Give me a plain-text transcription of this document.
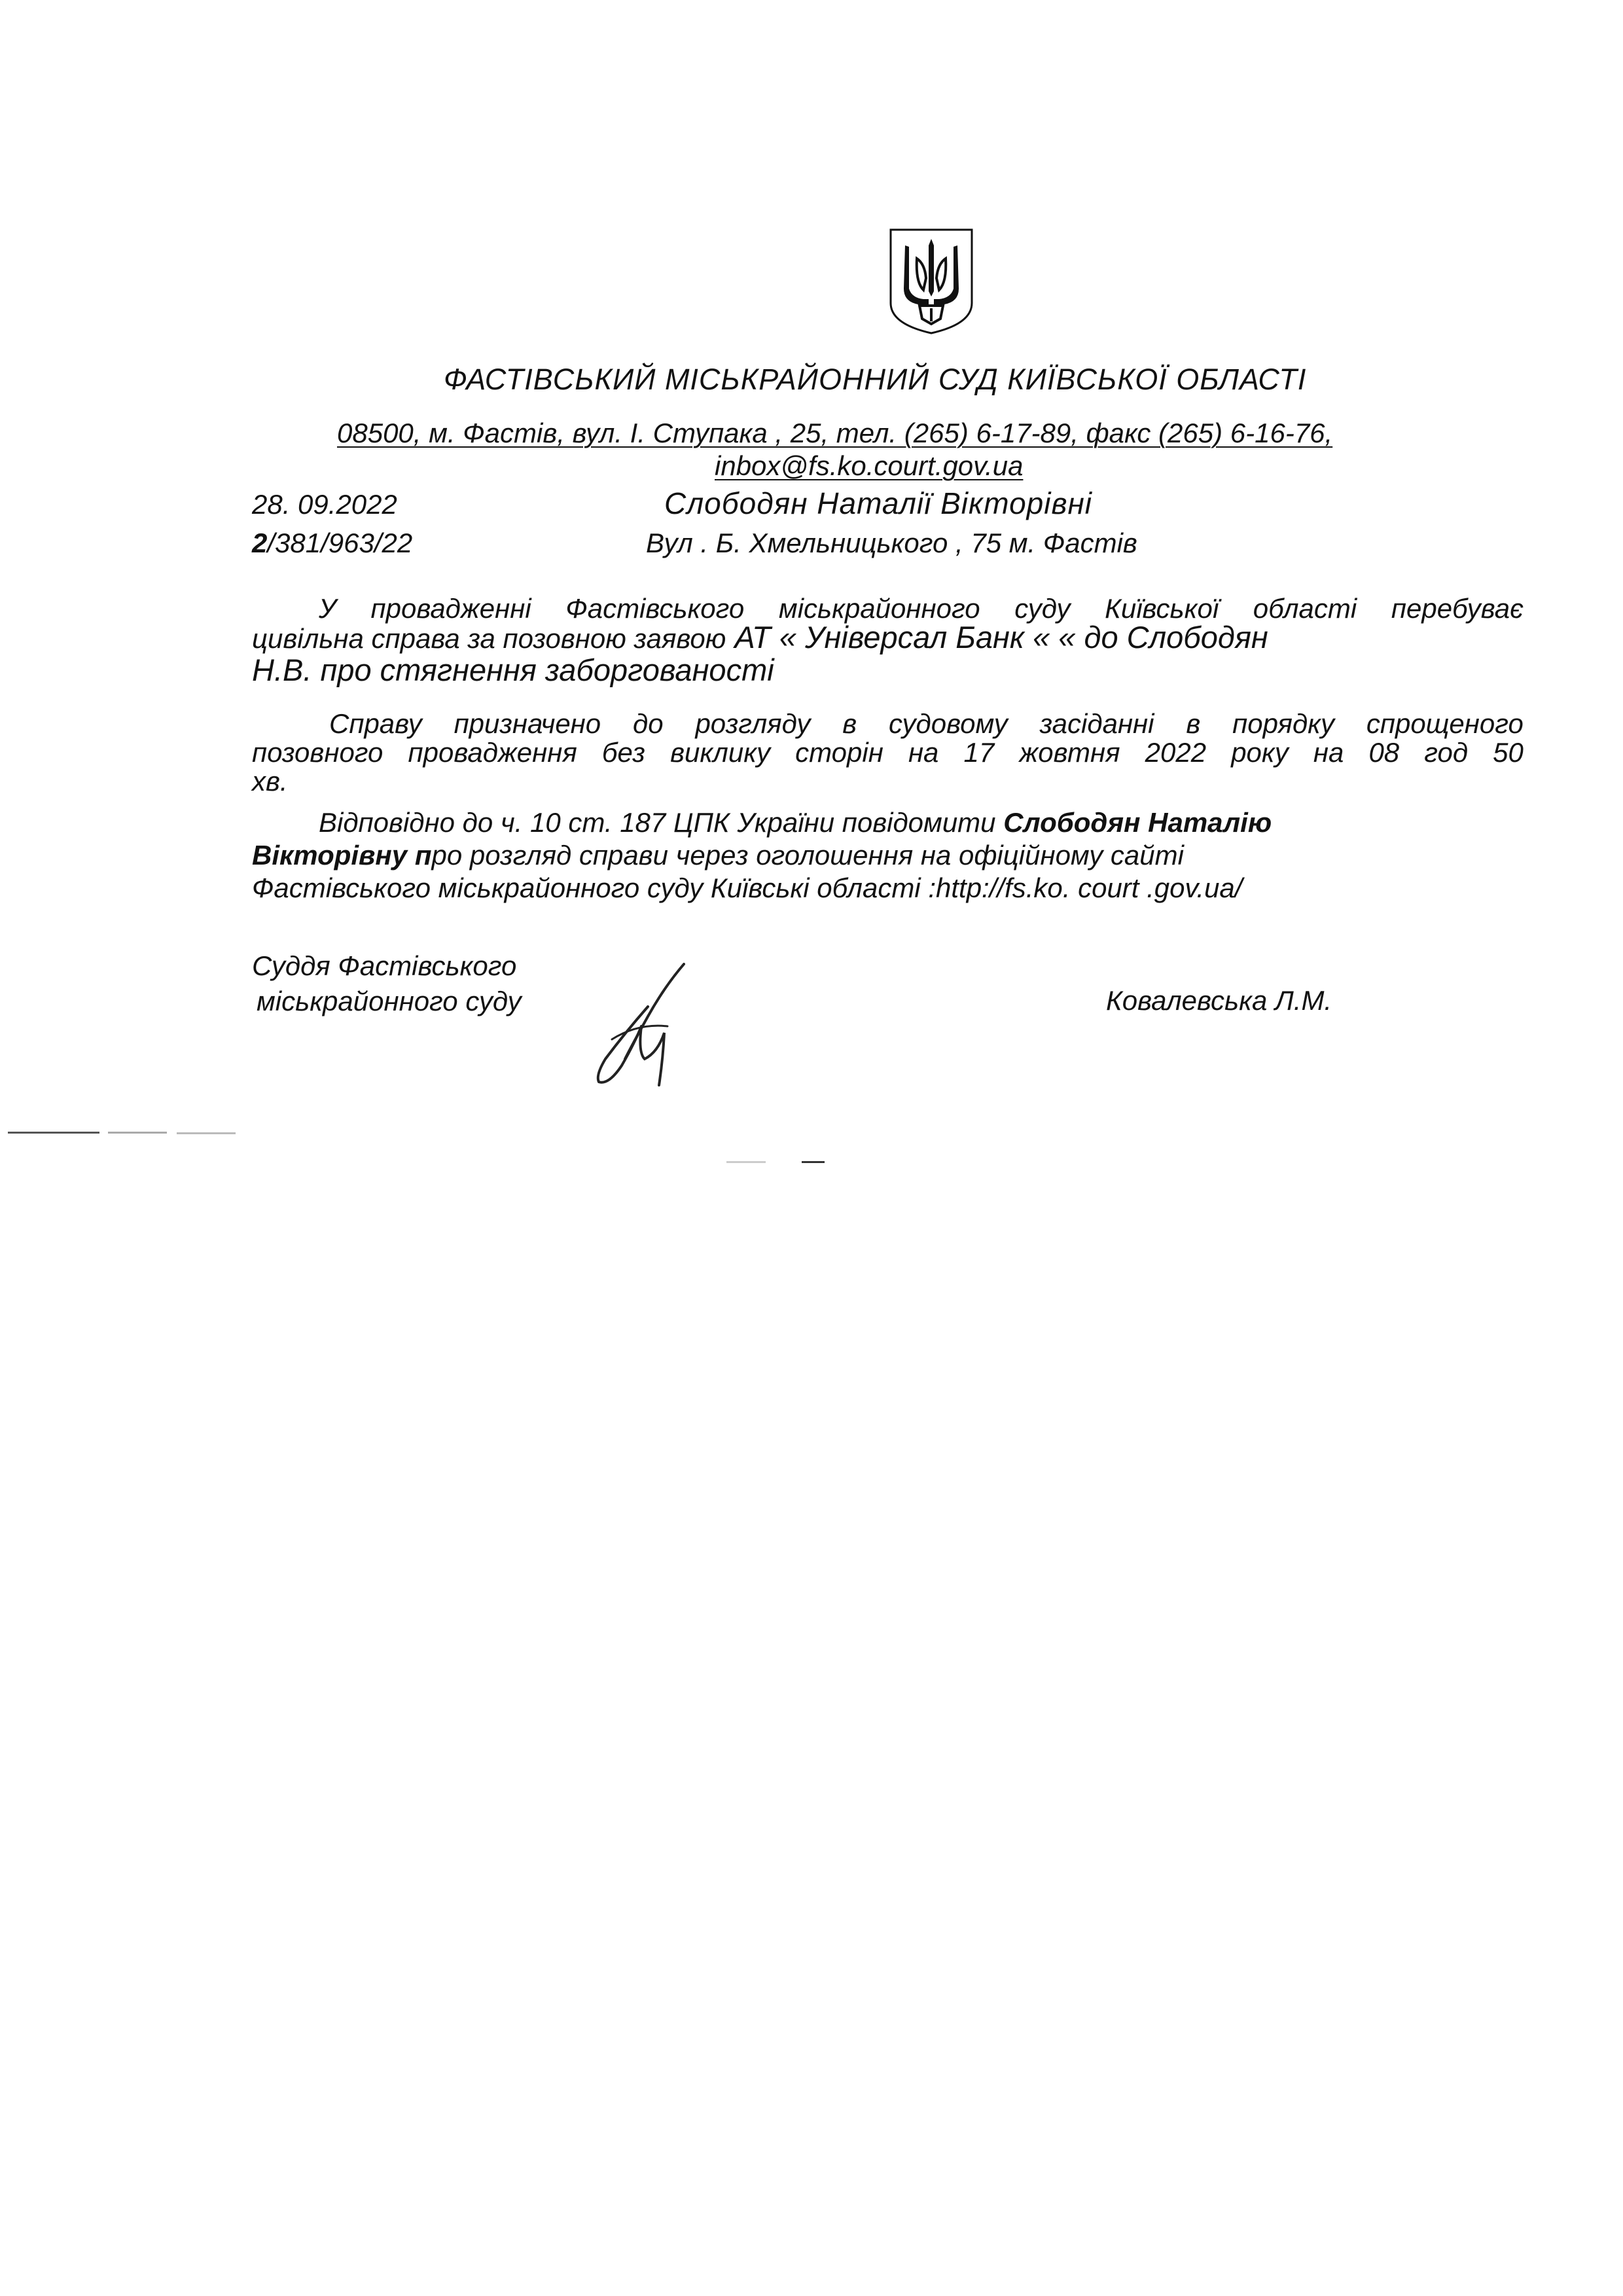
ФАСТІВСЬКИЙ МІСЬКРАЙОННИЙ СУД КИЇВСЬКОЇ ОБЛАСТІ
08500, м. Фастів, вул. І. Ступака , 25, тел. (265) 6-17-89, факс (265) 6-16-76,
inbox@fs.ko.court.gov.ua
28. 09.2022
2/381/963/22
Слободян Наталії Вікторівні
Вул . Б. Хмельницького , 75 м. Фастів
У провадженні Фастівського міськрайонного суду Київської області перебуває
цивільна справа за позовною заявою АТ « Універсал Банк « « до Слободян
Н.В. про стягнення заборгованості
Справу призначено до розгляду в судовому засіданні в порядку спрощеного
позовного провадження без виклику сторін на 17 жовтня 2022 року на 08 год 50
хв.
Відповідно до ч. 10 ст. 187 ЦПК України повідомити Слободян Наталію
Вікторівну про розгляд справи через оголошення на офіційному сайті
Фастівського міськрайонного суду Київські області :http://fs.ko. court .gov.ua/
Суддя Фастівського
міськрайонного суду	Ковалевська Л.М.
